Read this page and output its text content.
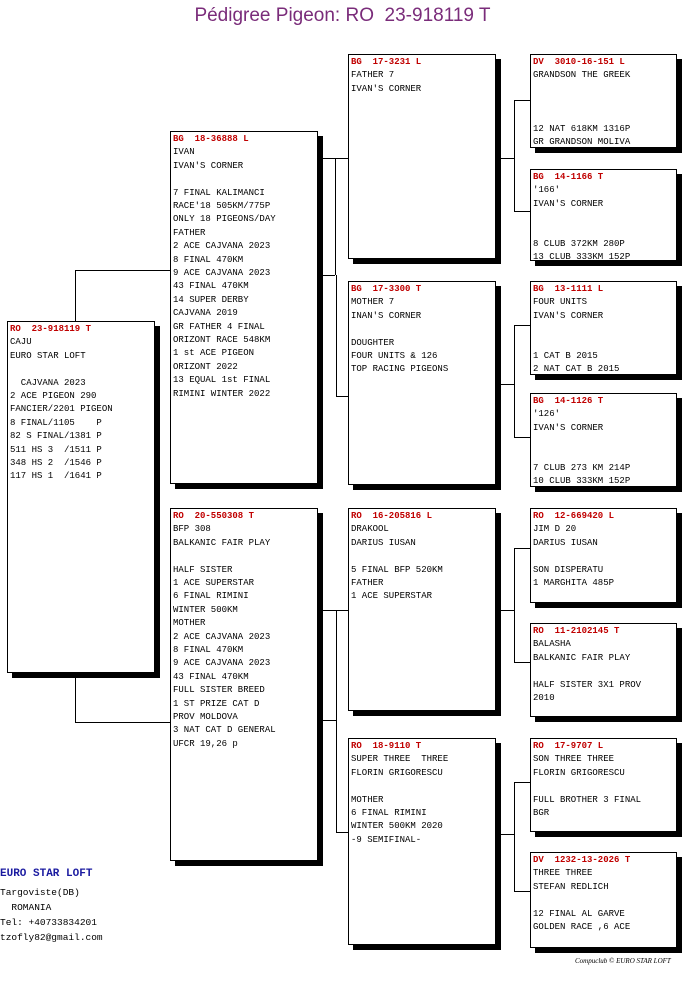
Pédigree Pigeon: RO  23-918119 T
RO  23-918119 T
CAJU
EURO STAR LOFT
CAJVANA 2023
2 ACE PIGEON 290
FANCIER/2201 PIGEON
8 FINAL/1105    P
82 S FINAL/1381 P
511 HS 3  /1511 P
348 HS 2  /1546 P
117 HS 1  /1641 P
BG  18-36888 L
IVAN
IVAN'S CORNER
7 FINAL KALIMANCI
RACE'18 505KM/775P
ONLY 18 PIGEONS/DAY
FATHER
2 ACE CAJVANA 2023
8 FINAL 470KM
9 ACE CAJVANA 2023
43 FINAL 470KM
14 SUPER DERBY
CAJVANA 2019
GR FATHER 4 FINAL
ORIZONT RACE 548KM
1 st ACE PIGEON
ORIZONT 2022
13 EQUAL 1st FINAL
RIMINI WINTER 2022
RO  20-550308 T
BFP 308
BALKANIC FAIR PLAY
HALF SISTER
1 ACE SUPERSTAR
6 FINAL RIMINI
WINTER 500KM
MOTHER
2 ACE CAJVANA 2023
8 FINAL 470KM
9 ACE CAJVANA 2023
43 FINAL 470KM
FULL SISTER BREED
1 ST PRIZE CAT D
PROV MOLDOVA
3 NAT CAT D GENERAL
UFCR 19,26 p
BG  17-3231 L
FATHER 7
IVAN'S CORNER
BG  17-3300 T
MOTHER 7
INAN'S CORNER
DOUGHTER
FOUR UNITS & 126
TOP RACING PIGEONS
RO  16-205816 L
DRAKOOL
DARIUS IUSAN
5 FINAL BFP 520KM
FATHER
1 ACE SUPERSTAR
RO  18-9110 T
SUPER THREE  THREE
FLORIN GRIGORESCU
MOTHER
6 FINAL RIMINI
WINTER 500KM 2020
-9 SEMIFINAL-
DV  3010-16-151 L
GRANDSON THE GREEK
12 NAT 618KM 1316P
GR GRANDSON MOLIVA
BG  14-1166 T
'166'
IVAN'S CORNER
8 CLUB 372KM 280P
13 CLUB 333KM 152P
BG  13-1111 L
FOUR UNITS
IVAN'S CORNER
1 CAT B 2015
2 NAT CAT B 2015
BG  14-1126 T
'126'
IVAN'S CORNER
7 CLUB 273 KM 214P
10 CLUB 333KM 152P
RO  12-669420 L
JIM D 20
DARIUS IUSAN
SON DISPERATU
1 MARGHITA 485P
RO  11-2102145 T
BALASHA
BALKANIC FAIR PLAY
HALF SISTER 3X1 PROV
2010
RO  17-9707 L
SON THREE THREE
FLORIN GRIGORESCU
FULL BROTHER 3 FINAL
BGR
DV  1232-13-2026 T
THREE THREE
STEFAN REDLICH
12 FINAL AL GARVE
GOLDEN RACE ,6 ACE
EURO STAR LOFT
Targoviste(DB)
ROMANIA
Tel: +40733834201
tzofly82@gmail.com
Compuclub © EURO STAR LOFT
